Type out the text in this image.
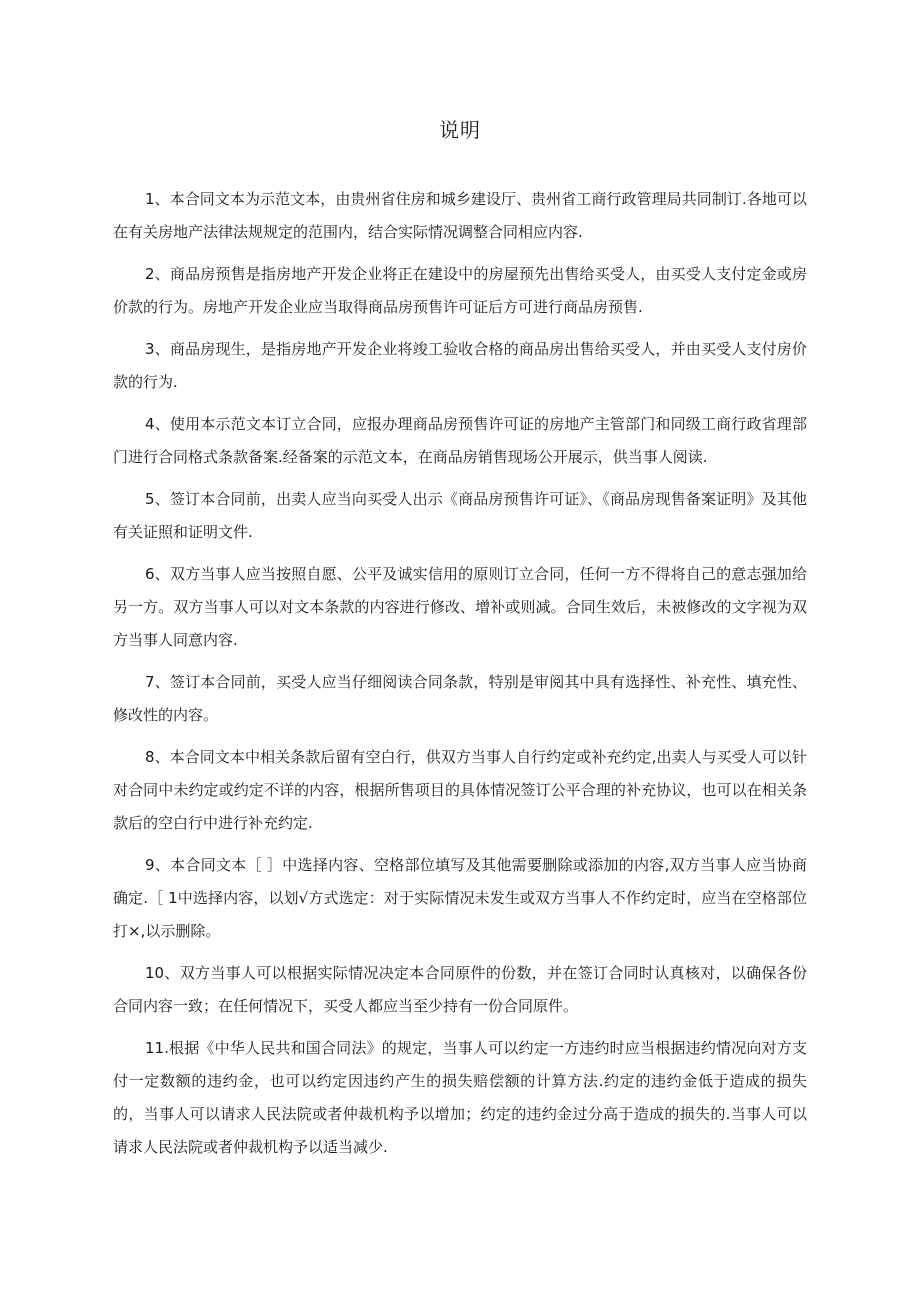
说明

1、本合同文本为示范文本，由贵州省住房和城乡建设厅、贵州省工商行政管理局共同制订.各地可以在有关房地产法律法规规定的范围内，结合实际情况调整合同相应内容.

2、商品房预售是指房地产开发企业将正在建设中的房屋预先出售给买受人，由买受人支付定金或房价款的行为。房地产开发企业应当取得商品房预售许可证后方可进行商品房预售.

3、商品房现生，是指房地产开发企业将竣工验收合格的商品房出售给买受人，并由买受人支付房价款的行为.

4、使用本示范文本订立合同，应报办理商品房预售许可证的房地产主管部门和同级工商行政省理部门进行合同格式条款备案.经备案的示范文本，在商品房销售现场公开展示，供当事人阅读.

5、签订本合同前，出卖人应当向买受人出示《商品房预售许可证》、《商品房现售备案证明》及其他有关证照和证明文件.

6、双方当事人应当按照自愿、公平及诚实信用的原则订立合同，任何一方不得将自己的意志强加给另一方。双方当事人可以对文本条款的内容进行修改、增补或则减。合同生效后，未被修改的文字视为双方当事人同意内容.

7、签订本合同前，买受人应当仔细阅读合同条款，特别是审阅其中具有选择性、补充性、填充性、修改性的内容。

8、本合同文本中相关条款后留有空白行，供双方当事人自行约定或补充约定,出卖人与买受人可以针对合同中未约定或约定不详的内容，根据所售项目的具体情况签订公平合理的补充协议，也可以在相关条款后的空白行中进行补充约定.

9、本合同文本［ ］中选择内容、空格部位填写及其他需要删除或添加的内容,双方当事人应当协商确定.［ 1中选择内容，以划√方式选定：对于实际情况未发生或双方当事人不作约定时，应当在空格部位打×,以示删除。

10、双方当事人可以根据实际情况决定本合同原件的份数，并在签订合同时认真核对，以确保各份合同内容一致；在任何情况下，买受人都应当至少持有一份合同原件。

11.根据《中华人民共和国合同法》的规定，当事人可以约定一方违约时应当根据违约情况向对方支付一定数额的违约金，也可以约定因违约产生的损失赔偿额的计算方法.约定的违约金低于造成的损失的，当事人可以请求人民法院或者仲裁机构予以增加；约定的违约金过分高于造成的损失的.当事人可以请求人民法院或者仲裁机构予以适当减少.
